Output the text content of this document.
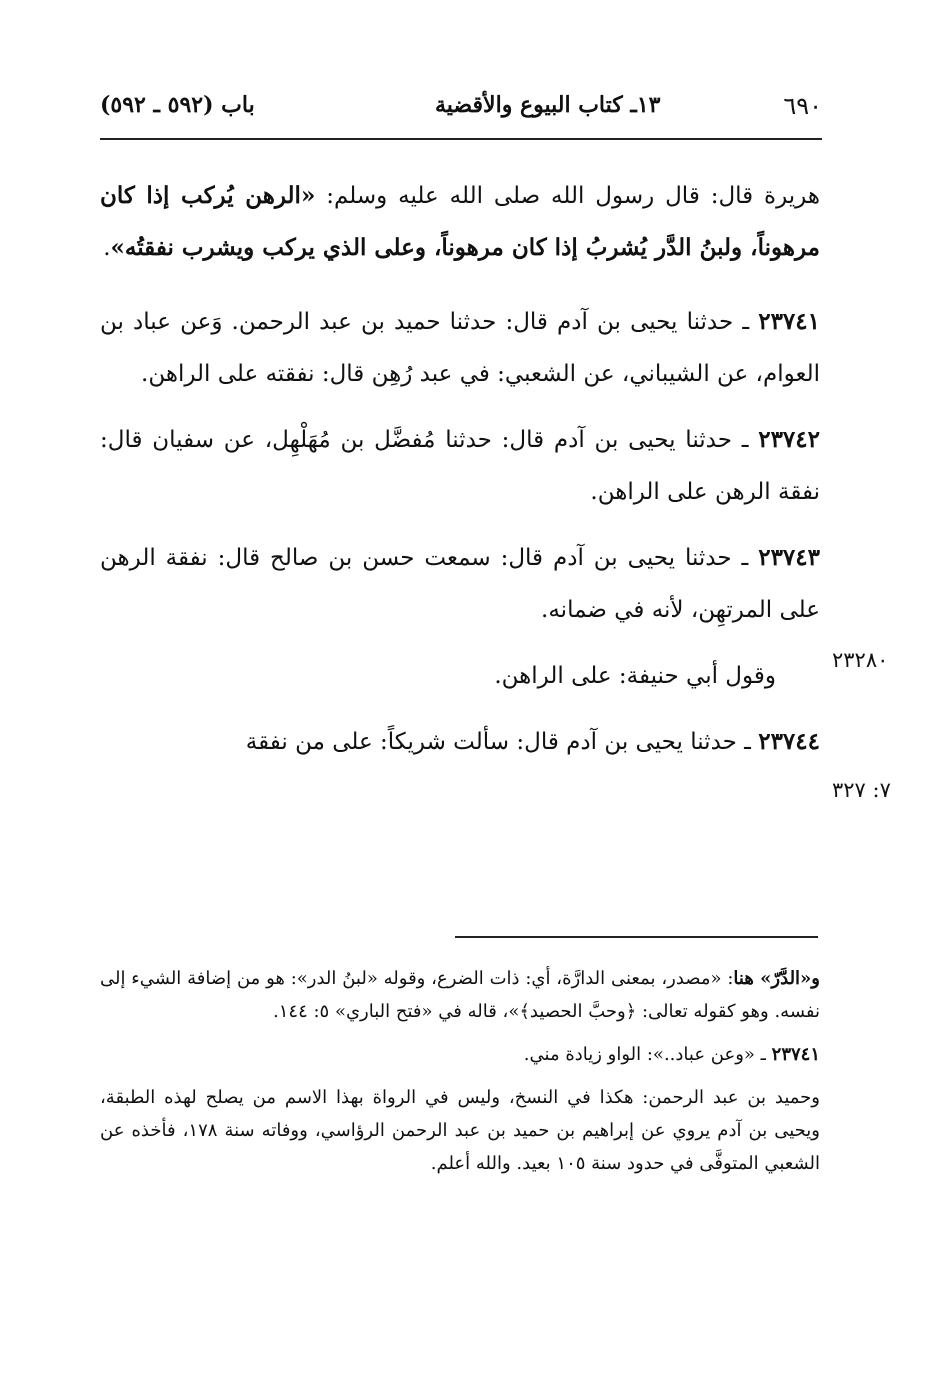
٦٩٠
١٣ـ كتاب البيوع والأقضية
باب (٥٩٢ ـ ٥٩٢)

هريرة قال: قال رسول الله صلى الله عليه وسلم: «الرهن يُركب إذا كان مرهوناً، ولبنُ الدَّر يُشربُ إذا كان مرهوناً، وعلى الذي يركب ويشرب نفقتُه».

٢٣٧٤١ ـ حدثنا يحيى بن آدم قال: حدثنا حميد بن عبد الرحمن. وَعن عباد بن العوام، عن الشيباني، عن الشعبي: في عبد رُهِن قال: نفقته على الراهن.

٢٣٧٤٢ ـ حدثنا يحيى بن آدم قال: حدثنا مُفضَّل بن مُهَلْهِل، عن سفيان قال: نفقة الرهن على الراهن.

٢٣٧٤٣ ـ حدثنا يحيى بن آدم قال: سمعت حسن بن صالح قال: نفقة الرهن على المرتهِن، لأنه في ضمانه.

وقول أبي حنيفة: على الراهن.

٢٣٧٤٤ ـ حدثنا يحيى بن آدم قال: سألت شريكاً: على من نفقة

٢٣٢٨٠
٧: ٣٢٧

و«الدَّرّ» هنا: «مصدر، بمعنى الدارَّة، أي: ذات الضرع، وقوله «لبنُ الدر»: هو من إضافة الشيء إلى نفسه. وهو كقوله تعالى: ﴿وحبَّ الحصيد﴾»، قاله في «فتح الباري» ٥: ١٤٤.

٢٣٧٤١ ـ «وعن عباد..»: الواو زيادة مني.

وحميد بن عبد الرحمن: هكذا في النسخ، وليس في الرواة بهذا الاسم من يصلح لهذه الطبقة، ويحيى بن آدم يروي عن إبراهيم بن حميد بن عبد الرحمن الرؤاسي، ووفاته سنة ١٧٨، فأخذه عن الشعبي المتوفَّى في حدود سنة ١٠٥ بعيد. والله أعلم.
